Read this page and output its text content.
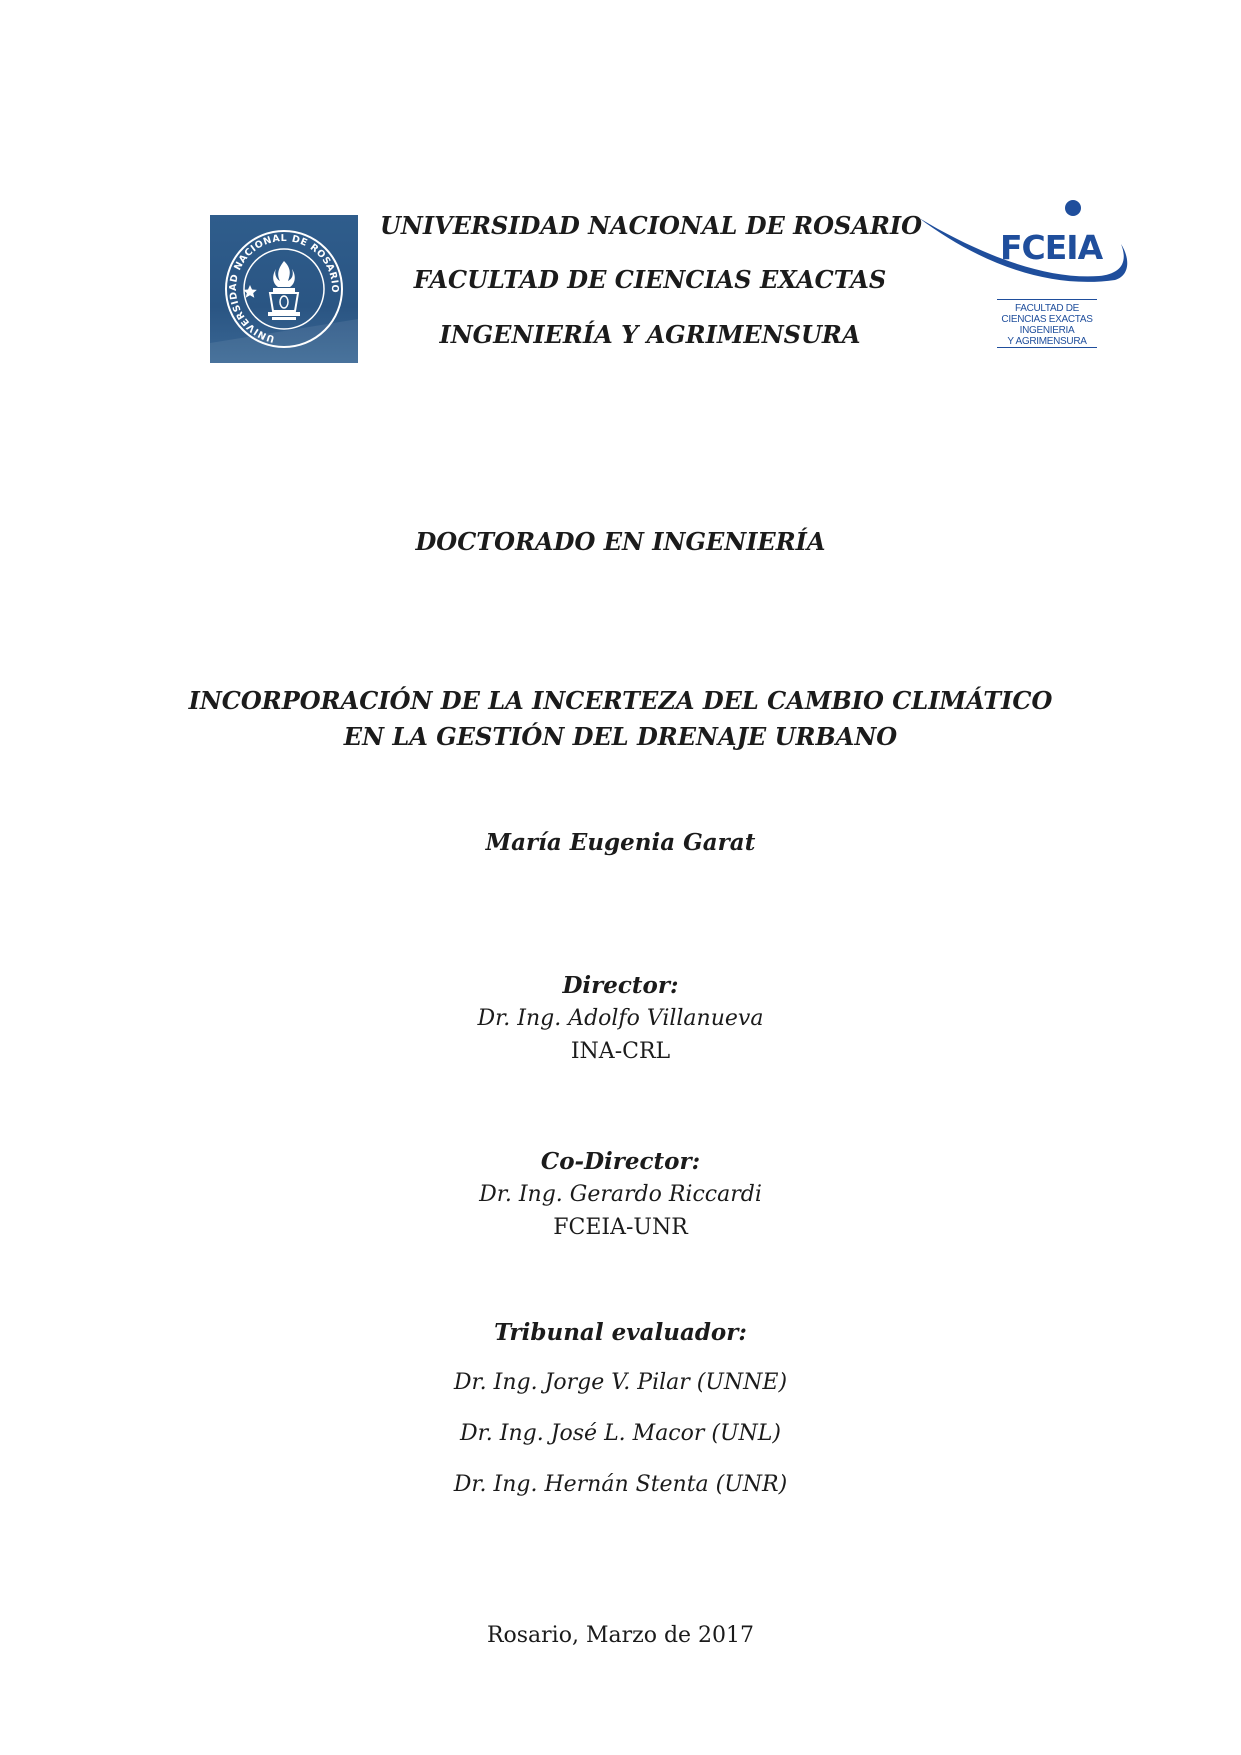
UNIVERSIDAD NACIONAL DE ROSARIO
UNIVERSIDAD NACIONAL DE ROSARIO
FACULTAD DE CIENCIAS EXACTAS
INGENIERÍA Y AGRIMENSURA
FCEIA
FACULTAD DE
CIENCIAS EXACTAS
INGENIERIA
Y AGRIMENSURA
DOCTORADO EN INGENIERÍA
INCORPORACIÓN DE LA INCERTEZA DEL CAMBIO CLIMÁTICO
EN LA GESTIÓN DEL DRENAJE URBANO
María Eugenia Garat
Director:
Dr. Ing. Adolfo Villanueva
INA-CRL
Co-Director:
Dr. Ing. Gerardo Riccardi
FCEIA-UNR
Tribunal evaluador:
Dr. Ing. Jorge V. Pilar (UNNE)
Dr. Ing. José L. Macor (UNL)
Dr. Ing. Hernán Stenta (UNR)
Rosario, Marzo de 2017
